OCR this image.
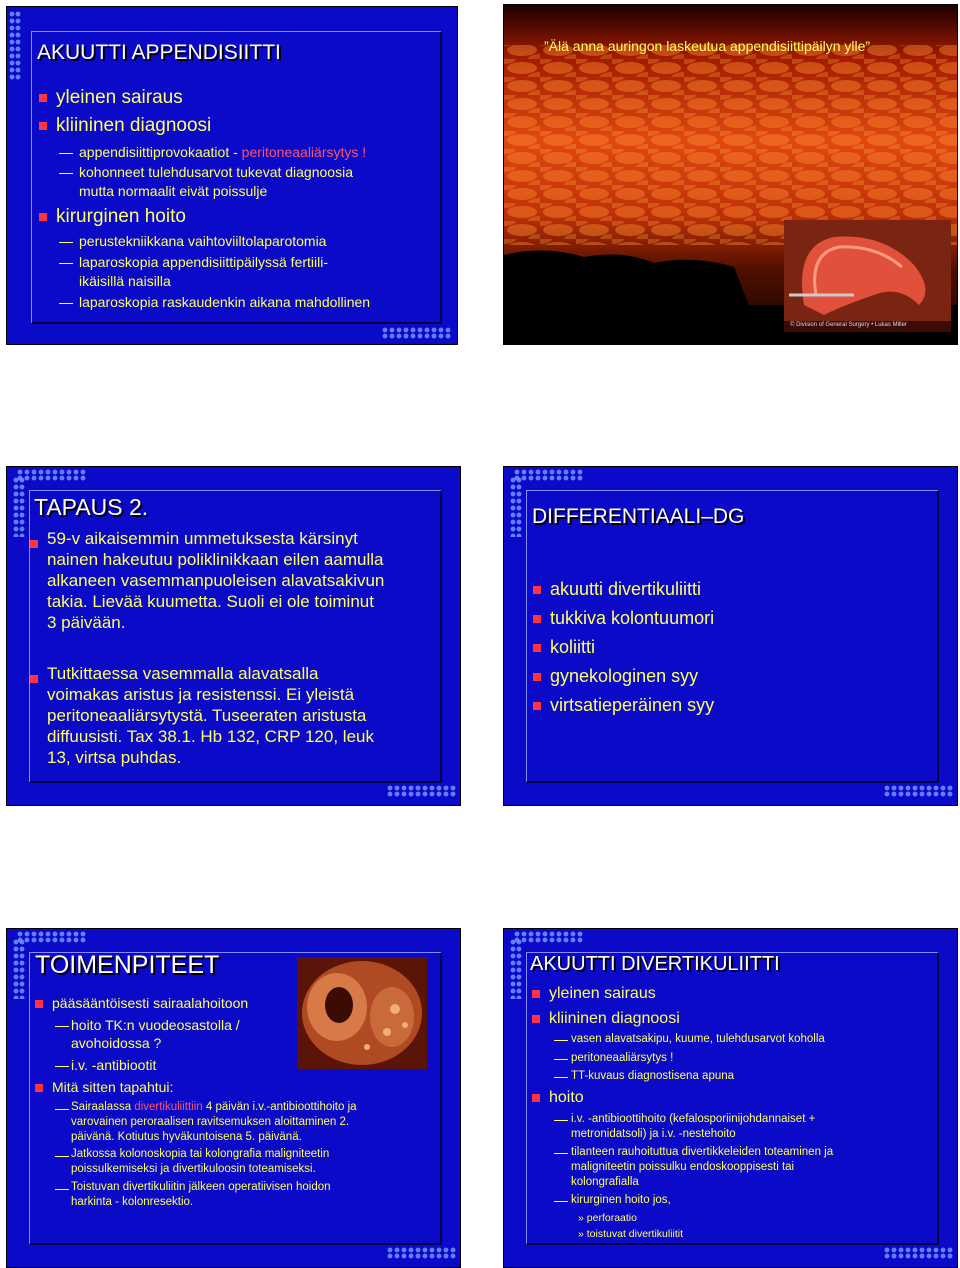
AKUUTTI APPENDISIITTI
yleinen sairaus
kliininen diagnoosi
appendisiittiprovokaatiot - peritoneaaliärsytys !
kohonneet tulehdusarvot tukevat diagnoosia
mutta normaalit eivät poissulje
kirurginen hoito
perustekniikkana vaihtoviiltolaparotomia
laparoskopia appendisiittipäilyssä fertiili-
ikäisillä naisilla
laparoskopia raskaudenkin aikana mahdollinen
”Älä anna auringon laskeutua appendisiittipäilyn ylle”
© Division of General Surgery • Lukas Miller
TAPAUS 2.
59-v aikaisemmin ummetuksesta kärsinyt
nainen hakeutuu poliklinikkaan eilen aamulla
alkaneen vasemmanpuoleisen alavatsakivun
takia. Lievää kuumetta. Suoli ei ole toiminut
3 päivään.
Tutkittaessa vasemmalla alavatsalla
voimakas aristus ja resistenssi. Ei yleistä
peritoneaaliärsytystä. Tuseeraten aristusta
diffuusisti. Tax 38.1. Hb 132, CRP 120, leuk
13, virtsa puhdas.
DIFFERENTIAALI–DG
akuutti divertikuliitti
tukkiva kolontuumori
koliitti
gynekologinen syy
virtsatieperäinen syy
TOIMENPITEET
pääsääntöisesti sairaalahoitoon
hoito TK:n vuodeosastolla /
avohoidossa ?
i.v. -antibiootit
Mitä sitten tapahtui:
Sairaalassa divertikuliittiin 4 päivän i.v.-antibioottihoito ja
varovainen peroraalisen ravitsemuksen aloittaminen 2.
päivänä. Kotiutus hyväkuntoisena 5. päivänä.
Jatkossa kolonoskopia tai kolongrafia maligniteetin
poissulkemiseksi ja divertikuloosin toteamiseksi.
Toistuvan divertikuliitin jälkeen operatiivisen hoidon
harkinta - kolonresektio.
AKUUTTI DIVERTIKULIITTI
yleinen sairaus
kliininen diagnoosi
vasen alavatsakipu, kuume, tulehdusarvot koholla
peritoneaaliärsytys !
TT-kuvaus diagnostisena apuna
hoito
i.v. -antibioottihoito (kefalosporiinijohdannaiset +
metronidatsoli) ja i.v. -nestehoito
tilanteen rauhoituttua divertikkeleiden toteaminen ja
maligniteetin poissulku endoskooppisesti tai
kolongrafialla
kirurginen hoito jos,
» perforaatio
» toistuvat divertikuliitit
